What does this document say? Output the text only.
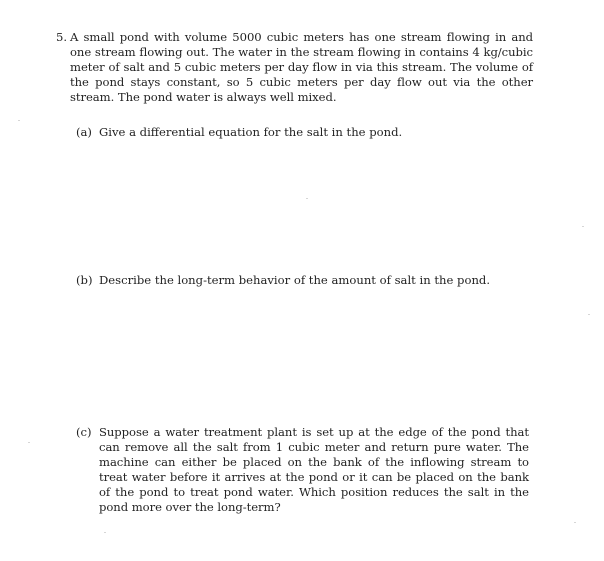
5. A small pond with volume 5000 cubic meters has one stream flowing in and one stream flowing out. The water in the stream flowing in contains 4 kg/cubic meter of salt and 5 cubic meters per day flow in via this stream. The volume of the pond stays constant, so 5 cubic meters per day flow out via the other stream. The pond water is always well mixed.
(a) Give a differential equation for the salt in the pond.
(b) Describe the long-term behavior of the amount of salt in the pond.
(c) Suppose a water treatment plant is set up at the edge of the pond that can remove all the salt from 1 cubic meter and return pure water. The machine can either be placed on the bank of the inflowing stream to treat water before it arrives at the pond or it can be placed on the bank of the pond to treat pond water. Which position reduces the salt in the pond more over the long-term?
